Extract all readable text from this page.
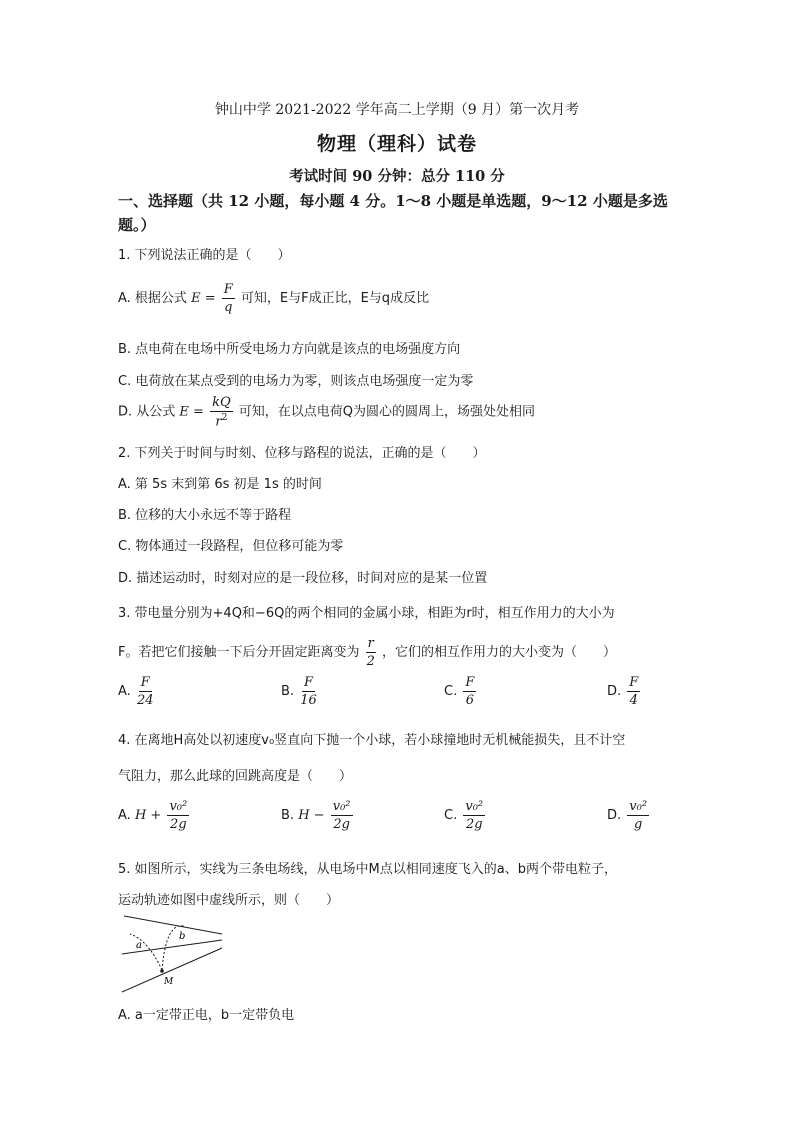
钟山中学 2021-2022 学年高二上学期（9 月）第一次月考
物理（理科）试卷
考试时间 90 分钟：总分 110 分
一、选择题（共 12 小题，每小题 4 分。1～8 小题是单选题，9～12 小题是多选题。）
1. 下列说法正确的是（　　）
A. 根据公式 $E = \frac{F}{q}$ 可知，E与F成正比，E与q成反比
B. 点电荷在电场中所受电场力方向就是该点的电场强度方向
C. 电荷放在某点受到的电场力为零，则该点电场强度一定为零
D. 从公式 $E = \frac{kQ}{r^2}$ 可知，在以点电荷Q为圆心的圆周上，场强处处相同
2. 下列关于时间与时刻、位移与路程的说法，正确的是（　　）
A. 第 5s 末到第 6s 初是 1s 的时间
B. 位移的大小永远不等于路程
C. 物体通过一段路程，但位移可能为零
D. 描述运动时，时刻对应的是一段位移，时间对应的是某一位置
3. 带电量分别为+4Q和−6Q的两个相同的金属小球，相距为r时，相互作用力的大小为
F。若把它们接触一下后分开固定距离变为 $\frac{r}{2}$ ，它们的相互作用力的大小变为（　　）
A. $\frac{F}{24}$	B. $\frac{F}{16}$	C. $\frac{F}{6}$	D. $\frac{F}{4}$
4. 在离地H高处以初速度v₀竖直向下抛一个小球，若小球撞地时无机械能损失，且不计空
气阻力，那么此球的回跳高度是（　　）
A. $H + \frac{\text{v₀²}}{2g}$	B. $H - \frac{\text{v₀²}}{2g}$	C. $\frac{\text{v₀²}}{2g}$	D. $\frac{\text{v₀²}}{g}$
5. 如图所示，实线为三条电场线，从电场中M点以相同速度飞入的a、b两个带电粒子，
运动轨迹如图中虚线所示，则（　　）
a
b
M
A. a一定带正电，b一定带负电
